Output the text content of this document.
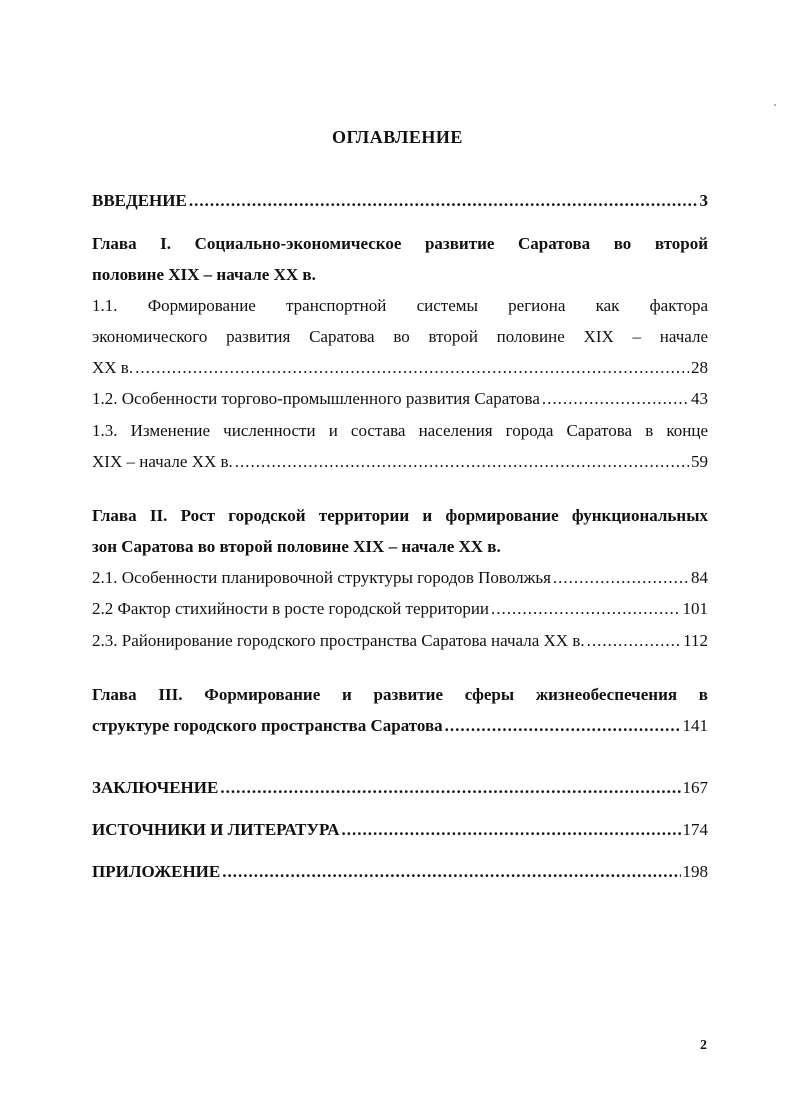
ОГЛАВЛЕНИЕ
ВВЕДЕНИЕ .....	3
Глава I. Социально-экономическое развитие Саратова во второй
половине XIX – начале XX в.
1.1. Формирование транспортной системы региона как фактора
экономического развития Саратова во второй половине XIX – начале
XX в. .....	28
1.2. Особенности торгово-промышленного развития Саратова .....	43
1.3. Изменение численности и состава населения города Саратова в конце
XIX – начале XX в. .....	59
Глава II. Рост городской территории и формирование функциональных
зон Саратова во второй половине XIX – начале XX в.
2.1. Особенности планировочной структуры городов Поволжья .....	84
2.2 Фактор стихийности в росте городской территории .....	101
2.3. Районирование городского пространства Саратова начала XX в. .....	112
Глава III. Формирование и развитие сферы жизнеобеспечения в
структуре городского пространства Саратова .....	141
ЗАКЛЮЧЕНИЕ .....	167
ИСТОЧНИКИ И ЛИТЕРАТУРА .....	174
ПРИЛОЖЕНИЕ .....	198
2
